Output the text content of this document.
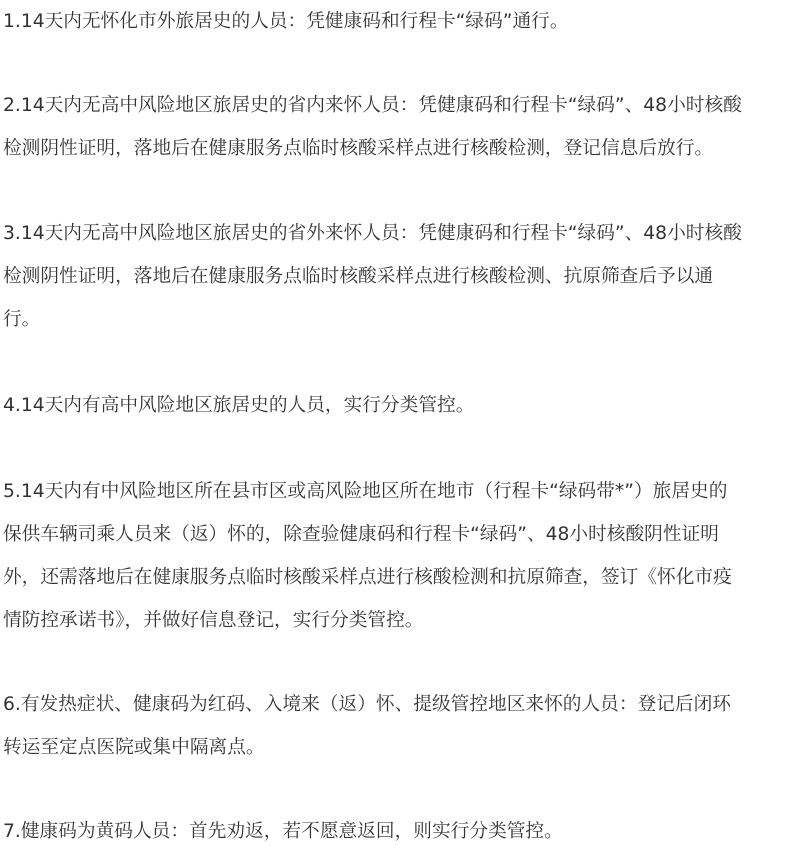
1.14天内无怀化市外旅居史的人员：凭健康码和行程卡“绿码”通行。
2.14天内无高中风险地区旅居史的省内来怀人员：凭健康码和行程卡“绿码”、48小时核酸
检测阴性证明，落地后在健康服务点临时核酸采样点进行核酸检测，登记信息后放行。
3.14天内无高中风险地区旅居史的省外来怀人员：凭健康码和行程卡“绿码”、48小时核酸
检测阴性证明，落地后在健康服务点临时核酸采样点进行核酸检测、抗原筛查后予以通
行。
4.14天内有高中风险地区旅居史的人员，实行分类管控。
5.14天内有中风险地区所在县市区或高风险地区所在地市（行程卡“绿码带*”）旅居史的
保供车辆司乘人员来（返）怀的，除查验健康码和行程卡“绿码”、48小时核酸阴性证明
外，还需落地后在健康服务点临时核酸采样点进行核酸检测和抗原筛查，签订《怀化市疫
情防控承诺书》，并做好信息登记，实行分类管控。
6.有发热症状、健康码为红码、入境来（返）怀、提级管控地区来怀的人员：登记后闭环
转运至定点医院或集中隔离点。
7.健康码为黄码人员：首先劝返，若不愿意返回，则实行分类管控。
